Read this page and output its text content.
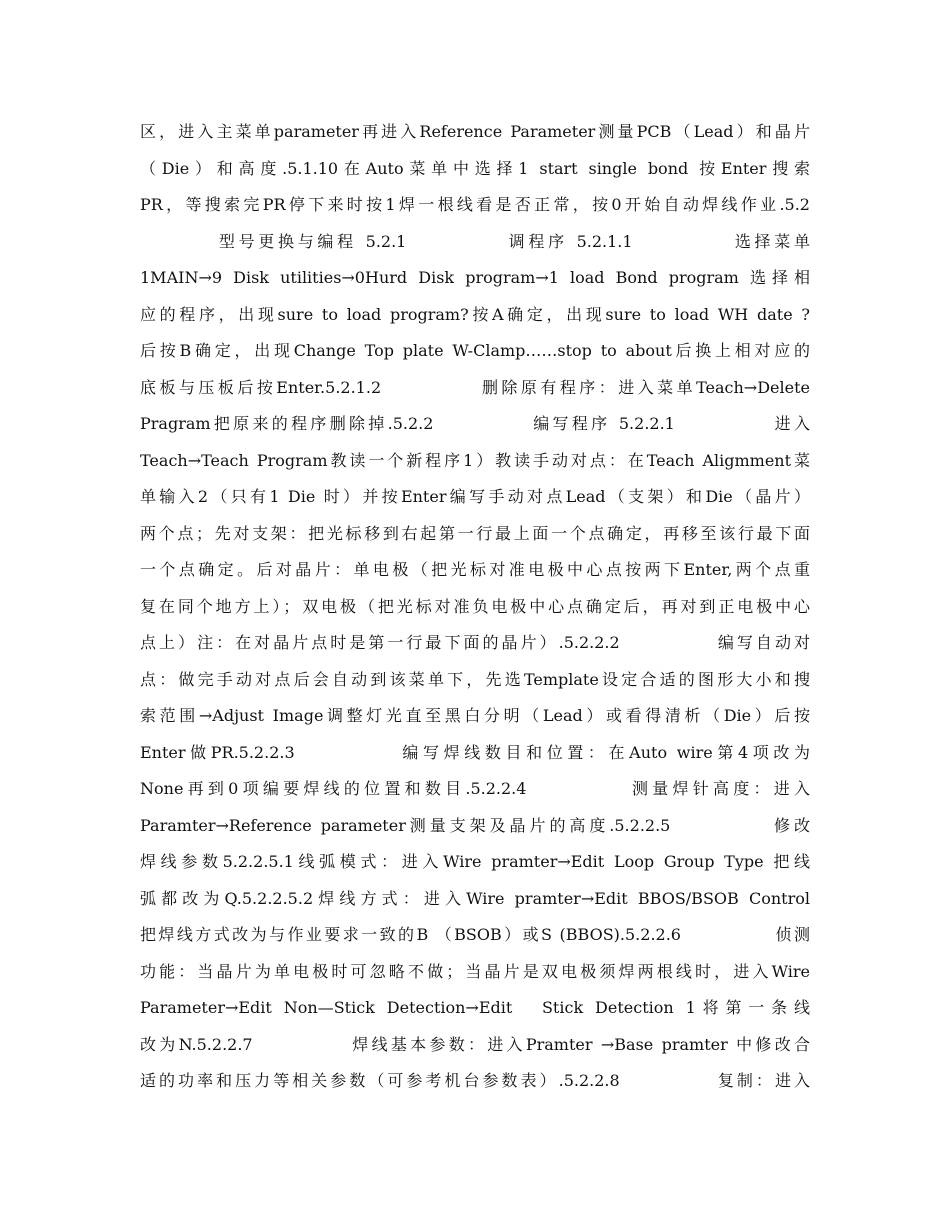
区，进入主菜单parameter再进入Reference Parameter测量PCB（Lead）和晶片
（Die）和高度.5.1.10在Auto菜单中选择1 start single bond 按Enter搜索
PR，等搜索完PR停下来时按1焊一根线看是否正常，按0开始自动焊线作业.5.2
　　　　型号更换与编程 5.2.1　　　　　调程序 5.2.1.1　　　　　选择菜单
1MAIN→9 Disk utilities→0Hurd Disk program→1 load Bond program 选择相
应的程序，出现sure to load program?按A确定，出现sure to load WH date ?
后按B确定，出现Change Top plate W-Clamp……stop to about后换上相对应的
底板与压板后按Enter.5.2.1.2　　　　　删除原有程序：进入菜单Teach→Delete
Pragram把原来的程序删除掉.5.2.2　　　　　编写程序 5.2.2.1　　　　　进入
Teach→Teach Program教读一个新程序1）教读手动对点：在Teach Aligmment菜
单输入2（只有1 Die 时）并按Enter编写手动对点Lead（支架）和Die（晶片）
两个点；先对支架：把光标移到右起第一行最上面一个点确定，再移至该行最下面
一个点确定。后对晶片：单电极（把光标对准电极中心点按两下Enter,两个点重
复在同个地方上）；双电极（把光标对准负电极中心点确定后，再对到正电极中心
点上）注：在对晶片点时是第一行最下面的晶片）.5.2.2.2　　　　　编写自动对
点：做完手动对点后会自动到该菜单下，先选Template设定合适的图形大小和搜
索范围→Adjust Image调整灯光直至黑白分明（Lead）或看得清析（Die）后按
Enter做PR.5.2.2.3　　　　　编写焊线数目和位置：在Auto wire第4项改为
None再到0项编要焊线的位置和数目.5.2.2.4　　　　　测量焊针高度：进入
Paramter→Reference parameter测量支架及晶片的高度.5.2.2.5　　　　　修改
焊线参数5.2.2.5.1线弧模式：进入Wire pramter→Edit Loop Group Type 把线
弧都改为Q.5.2.2.5.2焊线方式：进入Wire pramter→Edit BBOS/BSOB Control
把焊线方式改为与作业要求一致的B （BSOB）或S (BBOS).5.2.2.6　　　　　侦测
功能：当晶片为单电极时可忽略不做；当晶片是双电极须焊两根线时，进入Wire
Parameter→Edit Non—Stick Detection→Edit　Stick Detection 1将第一条线
改为N.5.2.2.7　　　　　焊线基本参数：进入Pramter →Base pramter 中修改合
适的功率和压力等相关参数（可参考机台参数表）.5.2.2.8　　　　　复制：进入
